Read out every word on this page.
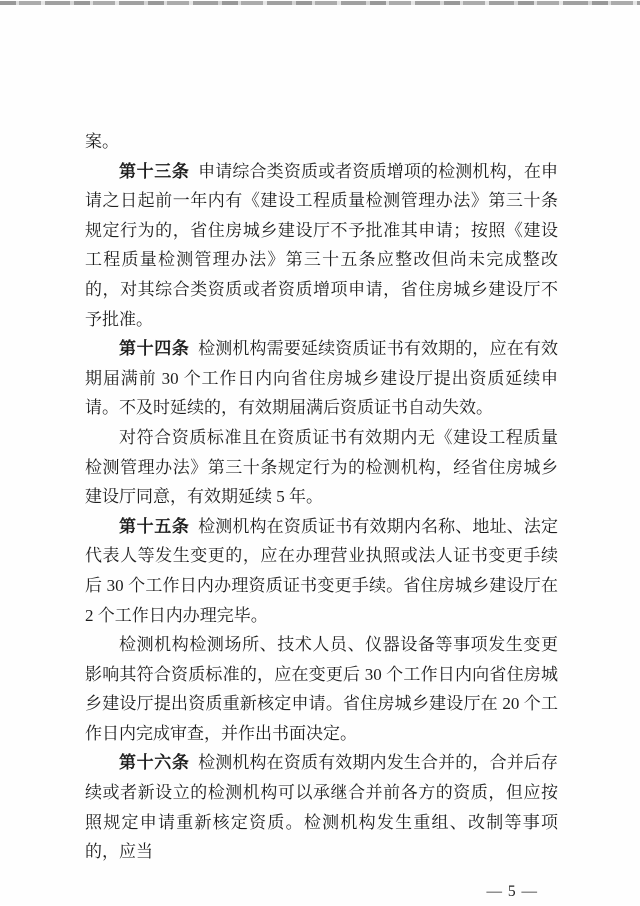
案。

第十三条 申请综合类资质或者资质增项的检测机构，在申请之日起前一年内有《建设工程质量检测管理办法》第三十条规定行为的，省住房城乡建设厅不予批准其申请；按照《建设工程质量检测管理办法》第三十五条应整改但尚未完成整改的，对其综合类资质或者资质增项申请，省住房城乡建设厅不予批准。

第十四条 检测机构需要延续资质证书有效期的，应在有效期届满前 30 个工作日内向省住房城乡建设厅提出资质延续申请。不及时延续的，有效期届满后资质证书自动失效。

对符合资质标准且在资质证书有效期内无《建设工程质量检测管理办法》第三十条规定行为的检测机构，经省住房城乡建设厅同意，有效期延续 5 年。

第十五条 检测机构在资质证书有效期内名称、地址、法定代表人等发生变更的，应在办理营业执照或法人证书变更手续后 30 个工作日内办理资质证书变更手续。省住房城乡建设厅在 2 个工作日内办理完毕。

检测机构检测场所、技术人员、仪器设备等事项发生变更影响其符合资质标准的，应在变更后 30 个工作日内向省住房城乡建设厅提出资质重新核定申请。省住房城乡建设厅在 20 个工作日内完成审查，并作出书面决定。

第十六条 检测机构在资质有效期内发生合并的，合并后存续或者新设立的检测机构可以承继合并前各方的资质，但应按照规定申请重新核定资质。检测机构发生重组、改制等事项的，应当

— 5 —
